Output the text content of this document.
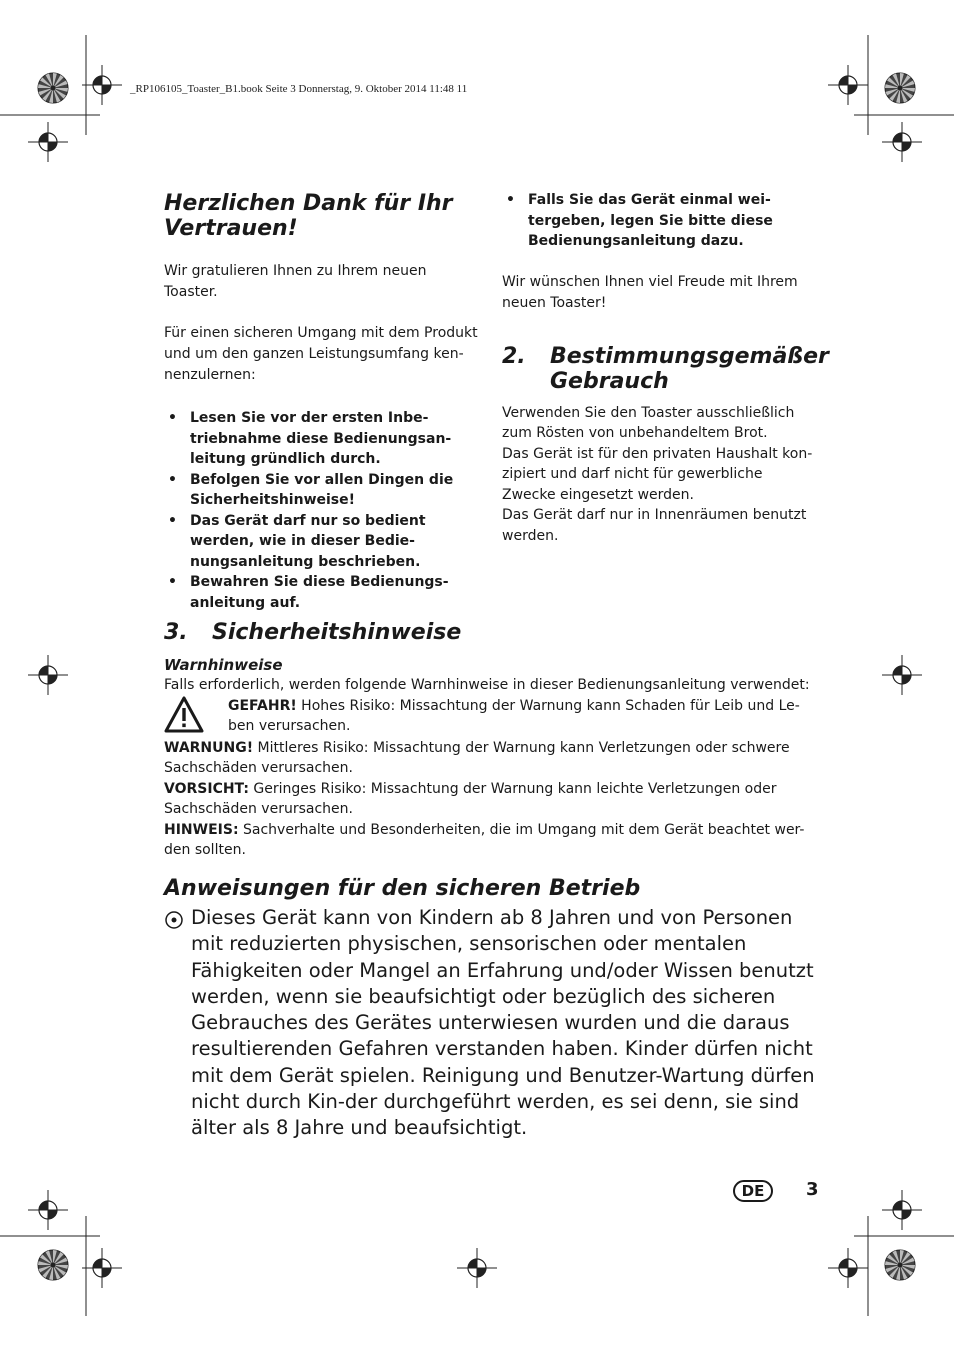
_RP106105_Toaster_B1.book Seite 3 Donnerstag, 9. Oktober 2014 11:48 11
Herzlichen Dank für Ihr Vertrauen!

Wir gratulieren Ihnen zu Ihrem neuen Toaster.

Für einen sicheren Umgang mit dem Produkt und um den ganzen Leistungsumfang ken-nenzulernen:

• Lesen Sie vor der ersten Inbe-triebnahme diese Bedienungsan-leitung gründlich durch.
• Befolgen Sie vor allen Dingen die Sicherheitshinweise!
• Das Gerät darf nur so bedient werden, wie in dieser Bedie-nungsanleitung beschrieben.
• Bewahren Sie diese Bedienungs-anleitung auf.
• Falls Sie das Gerät einmal wei-tergeben, legen Sie bitte diese Bedienungsanleitung dazu.

Wir wünschen Ihnen viel Freude mit Ihrem neuen Toaster!

2.	Bestimmungsgemäßer Gebrauch

Verwenden Sie den Toaster ausschließlich zum Rösten von unbehandeltem Brot.

Das Gerät ist für den privaten Haushalt kon-zipiert und darf nicht für gewerbliche Zwecke eingesetzt werden.

Das Gerät darf nur in Innenräumen benutzt werden.

3.	Sicherheitshinweise

Warnhinweise

Falls erforderlich, werden folgende Warnhinweise in dieser Bedienungsanleitung verwendet:

GEFAHR! Hohes Risiko: Missachtung der Warnung kann Schaden für Leib und Le-ben verursachen.

WARNUNG! Mittleres Risiko: Missachtung der Warnung kann Verletzungen oder schwere Sachschäden verursachen.

VORSICHT: Geringes Risiko: Missachtung der Warnung kann leichte Verletzungen oder Sachschäden verursachen.

HINWEIS: Sachverhalte und Besonderheiten, die im Umgang mit dem Gerät beachtet wer-den sollten.

Anweisungen für den sicheren Betrieb

Dieses Gerät kann von Kindern ab 8 Jahren und von Personen mit reduzierten physischen, sensorischen oder mentalen Fähigkeiten oder Mangel an Erfahrung und/oder Wissen benutzt werden, wenn sie beaufsichtigt oder bezüglich des sicheren Gebrauches des Gerätes unterwiesen wurden und die daraus resultierenden Gefahren verstanden haben. Kinder dürfen nicht mit dem Gerät spielen. Reinigung und Benutzer-Wartung dürfen nicht durch Kin-der durchgeführt werden, es sei denn, sie sind älter als 8 Jahre und beaufsichtigt.

DE	3
